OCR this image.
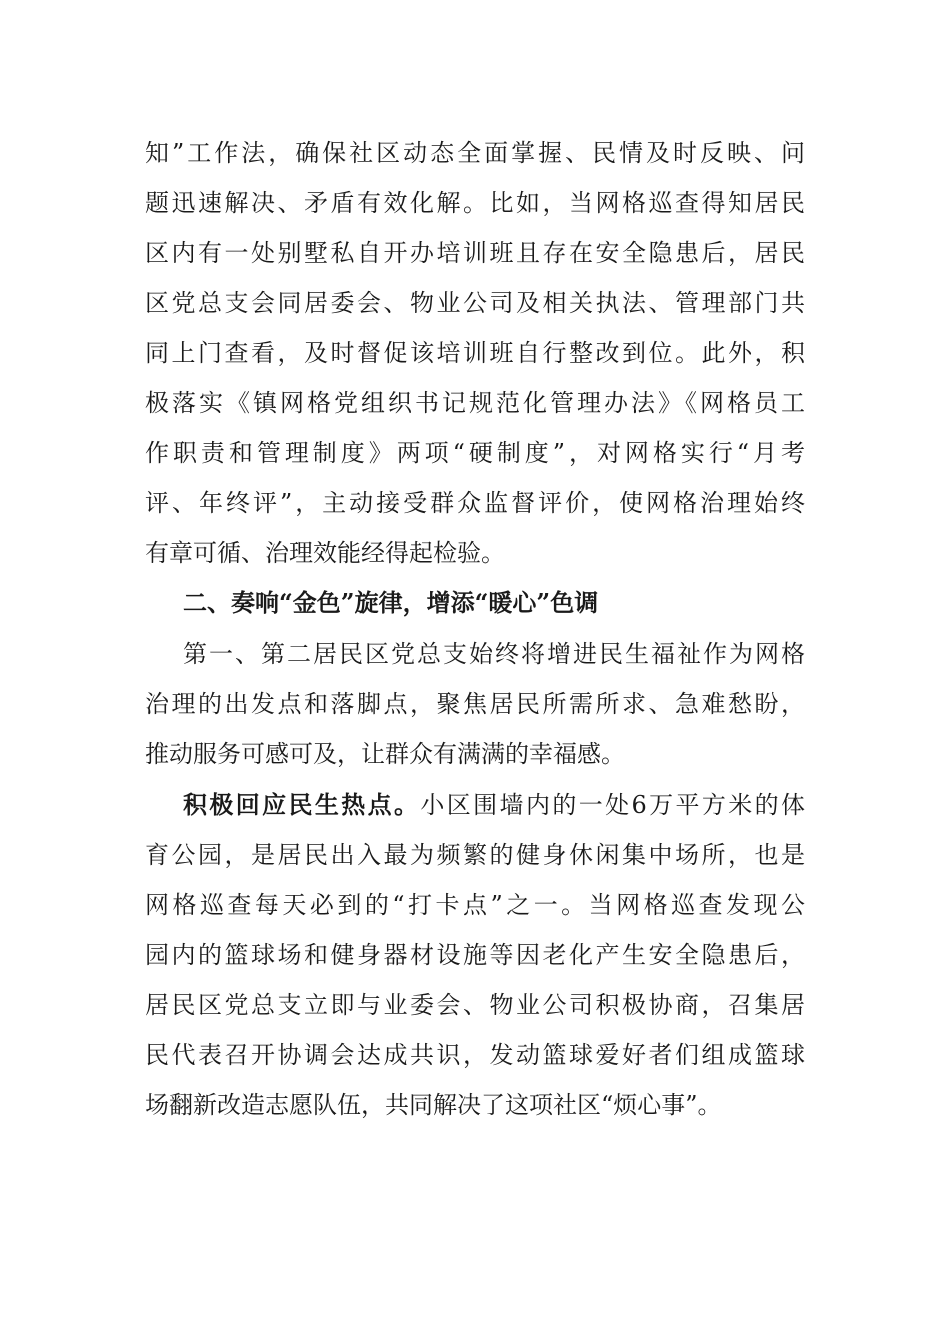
知”工作法，确保社区动态全面掌握、民情及时反映、问
题迅速解决、矛盾有效化解。比如，当网格巡查得知居民
区内有一处别墅私自开办培训班且存在安全隐患后，居民
区党总支会同居委会、物业公司及相关执法、管理部门共
同上门查看，及时督促该培训班自行整改到位。此外，积
极落实《镇网格党组织书记规范化管理办法》《网格员工
作职责和管理制度》两项“硬制度”，对网格实行“月考
评、年终评”，主动接受群众监督评价，使网格治理始终
有章可循、治理效能经得起检验。
二、奏响“金色”旋律，增添“暖心”色调
第一、第二居民区党总支始终将增进民生福祉作为网格
治理的出发点和落脚点，聚焦居民所需所求、急难愁盼，
推动服务可感可及，让群众有满满的幸福感。
积极回应民生热点。小区围墙内的一处6万平方米的体
育公园，是居民出入最为频繁的健身休闲集中场所，也是
网格巡查每天必到的“打卡点”之一。当网格巡查发现公
园内的篮球场和健身器材设施等因老化产生安全隐患后，
居民区党总支立即与业委会、物业公司积极协商，召集居
民代表召开协调会达成共识，发动篮球爱好者们组成篮球
场翻新改造志愿队伍，共同解决了这项社区“烦心事”。
